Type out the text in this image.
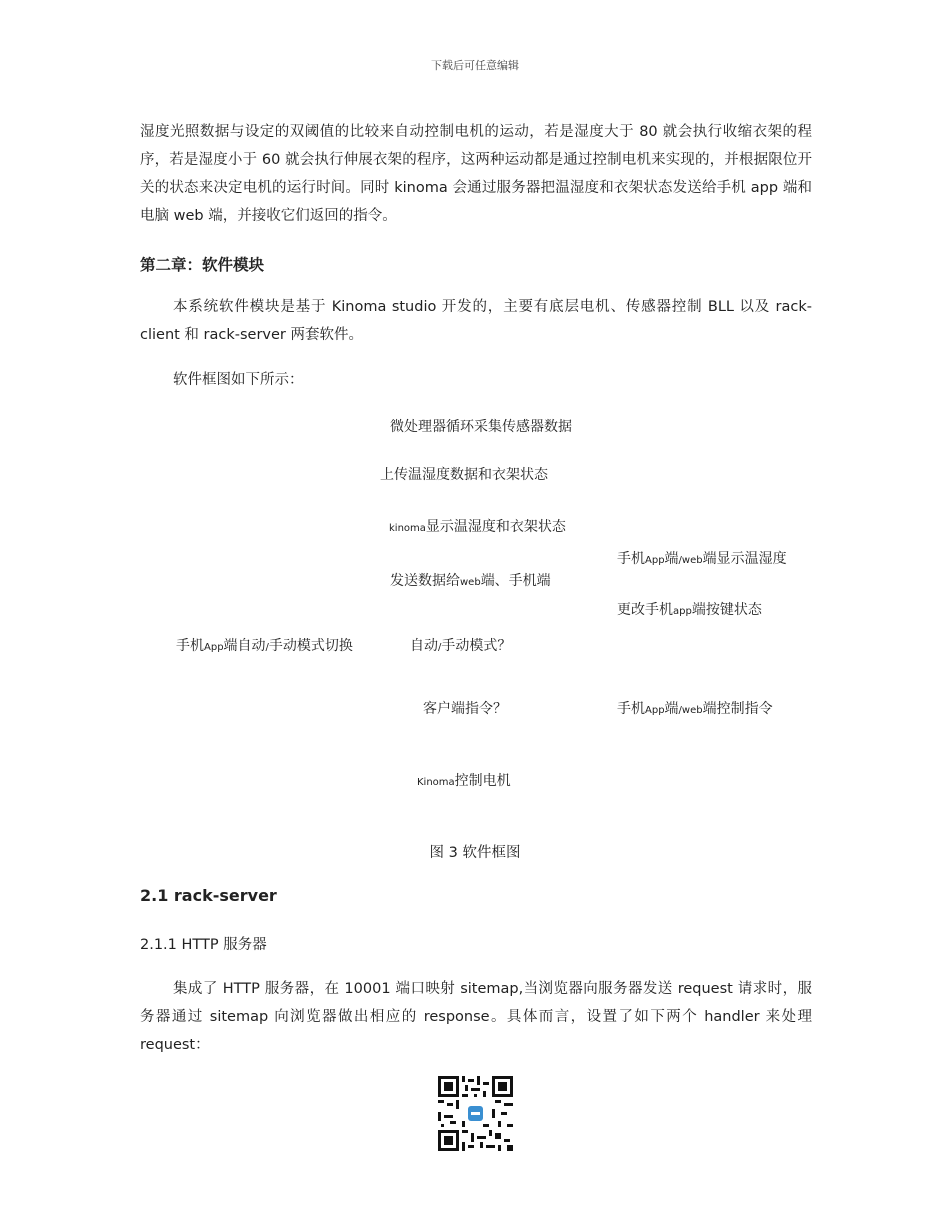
下载后可任意编辑

湿度光照数据与设定的双阈值的比较来自动控制电机的运动，若是湿度大于 80 就会执行收缩衣架的程序，若是湿度小于 60 就会执行伸展衣架的程序，这两种运动都是通过控制电机来实现的，并根据限位开关的状态来决定电机的运行时间。同时 kinoma 会通过服务器把温湿度和衣架状态发送给手机 app 端和电脑 web 端，并接收它们返回的指令。

第二章：软件模块

本系统软件模块是基于 Kinoma studio 开发的，主要有底层电机、传感器控制 BLL 以及 rack-client 和 rack-server 两套软件。

软件框图如下所示：

微处理器循环采集传感器数据
上传温湿度数据和衣架状态
kinoma显示温湿度和衣架状态
手机App端/web端显示温湿度
发送数据给web端、手机端
更改手机app端按键状态
手机App端自动/手动模式切换	自动/手动模式？
客户端指令？	手机App端/web端控制指令
Kinoma控制电机
图 3 软件框图

2.1 rack-server

2.1.1 HTTP 服务器

集成了 HTTP 服务器，在 10001 端口映射 sitemap,当浏览器向服务器发送 request 请求时，服务器通过 sitemap 向浏览器做出相应的 response。具体而言，设置了如下两个 handler 来处理 request：
